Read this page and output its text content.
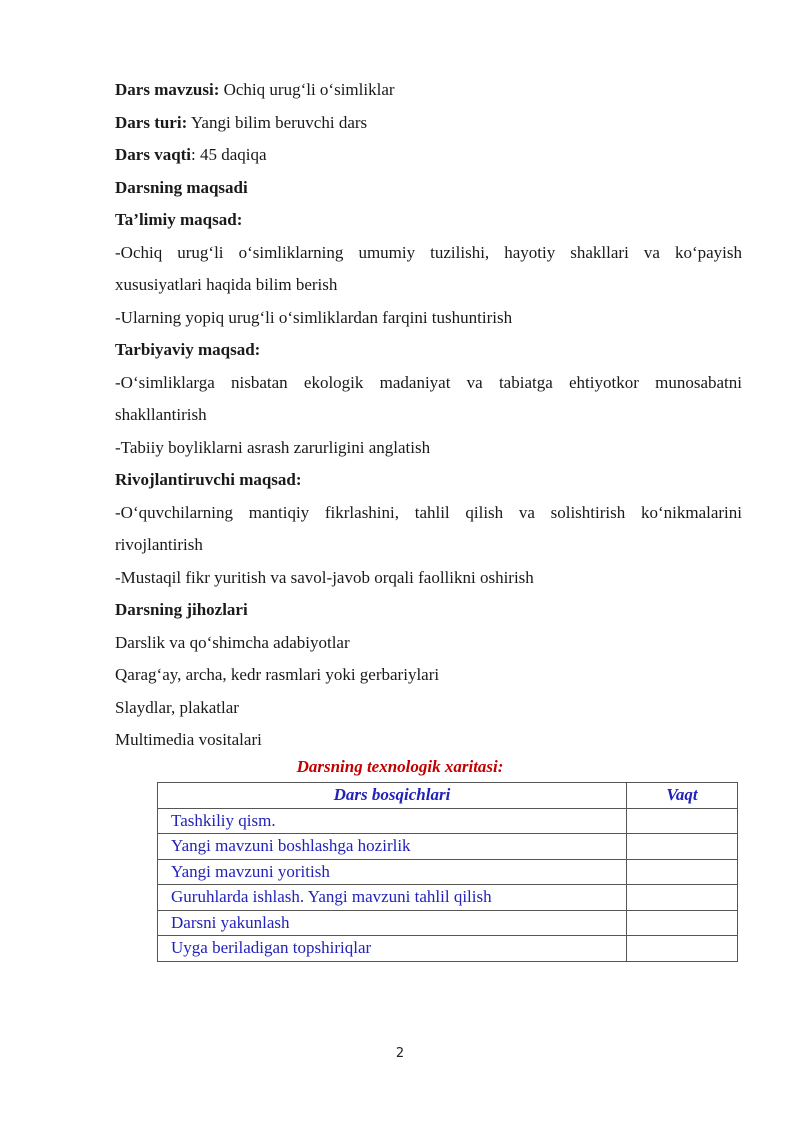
Dars mavzusi: Ochiq urug‘li o‘simliklar

Dars turi: Yangi bilim beruvchi dars

Dars vaqti: 45 daqiqa

Darsning maqsadi

Ta’limiy maqsad:

-Ochiq urug‘li o‘simliklarning umumiy tuzilishi, hayotiy shakllari va ko‘payish

xususiyatlari haqida bilim berish

-Ularning yopiq urug‘li o‘simliklardan farqini tushuntirish

Tarbiyaviy maqsad:

-O‘simliklarga nisbatan ekologik madaniyat va tabiatga ehtiyotkor munosabatni

shakllantirish

-Tabiiy boyliklarni asrash zarurligini anglatish

Rivojlantiruvchi maqsad:

-O‘quvchilarning mantiqiy fikrlashini, tahlil qilish va solishtirish ko‘nikmalarini

rivojlantirish

-Mustaqil fikr yuritish va savol-javob orqali faollikni oshirish

Darsning jihozlari

Darslik va qo‘shimcha adabiyotlar

Qarag‘ay, archa, kedr rasmlari yoki gerbariylari

Slaydlar, plakatlar

Multimedia vositalari

Darsning texnologik xaritasi:
Dars bosqichlari	Vaqt
Tashkiliy qism.	
Yangi mavzuni boshlashga hozirlik	
Yangi mavzuni yoritish	
Guruhlarda ishlash. Yangi mavzuni tahlil qilish	
Darsni yakunlash	
Uyga beriladigan topshiriqlar	
2
